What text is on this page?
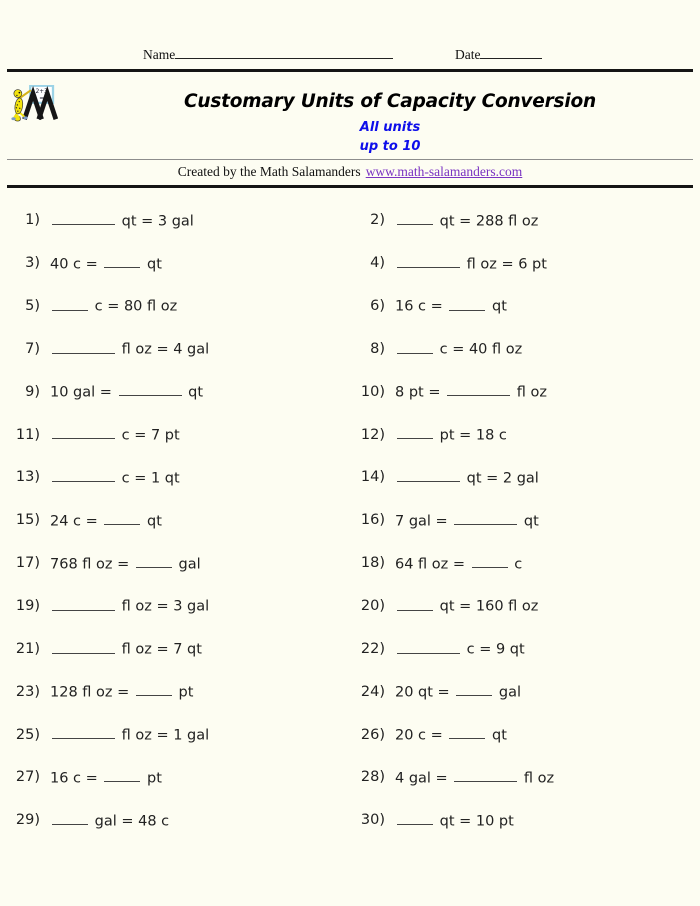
Name	Date
2+3
=5	Customary Units of Capacity Conversion
All units
up to 10
Created by the Math Salamanders www.math-salamanders.com
1)	qt = 3 gal	2)	qt = 288 fl oz
3) 40 c =	qt	4)	fl oz = 6 pt
5)	c = 80 fl oz	6) 16 c =	qt
7)	fl oz = 4 gal	8)	c = 40 fl oz
9) 10 gal =	qt	10) 8 pt =	fl oz
11)	c = 7 pt	12)	pt = 18 c
13)	c = 1 qt	14)	qt = 2 gal
15) 24 c =	qt	16) 7 gal =	qt
17) 768 fl oz =	gal	18) 64 fl oz =	c
19)	fl oz = 3 gal	20)	qt = 160 fl oz
21)	fl oz = 7 qt	22)	c = 9 qt
23) 128 fl oz =	pt	24) 20 qt =	gal
25)	fl oz = 1 gal	26) 20 c =	qt
27) 16 c =	pt	28) 4 gal =	fl oz
29)	gal = 48 c	30)	qt = 10 pt
